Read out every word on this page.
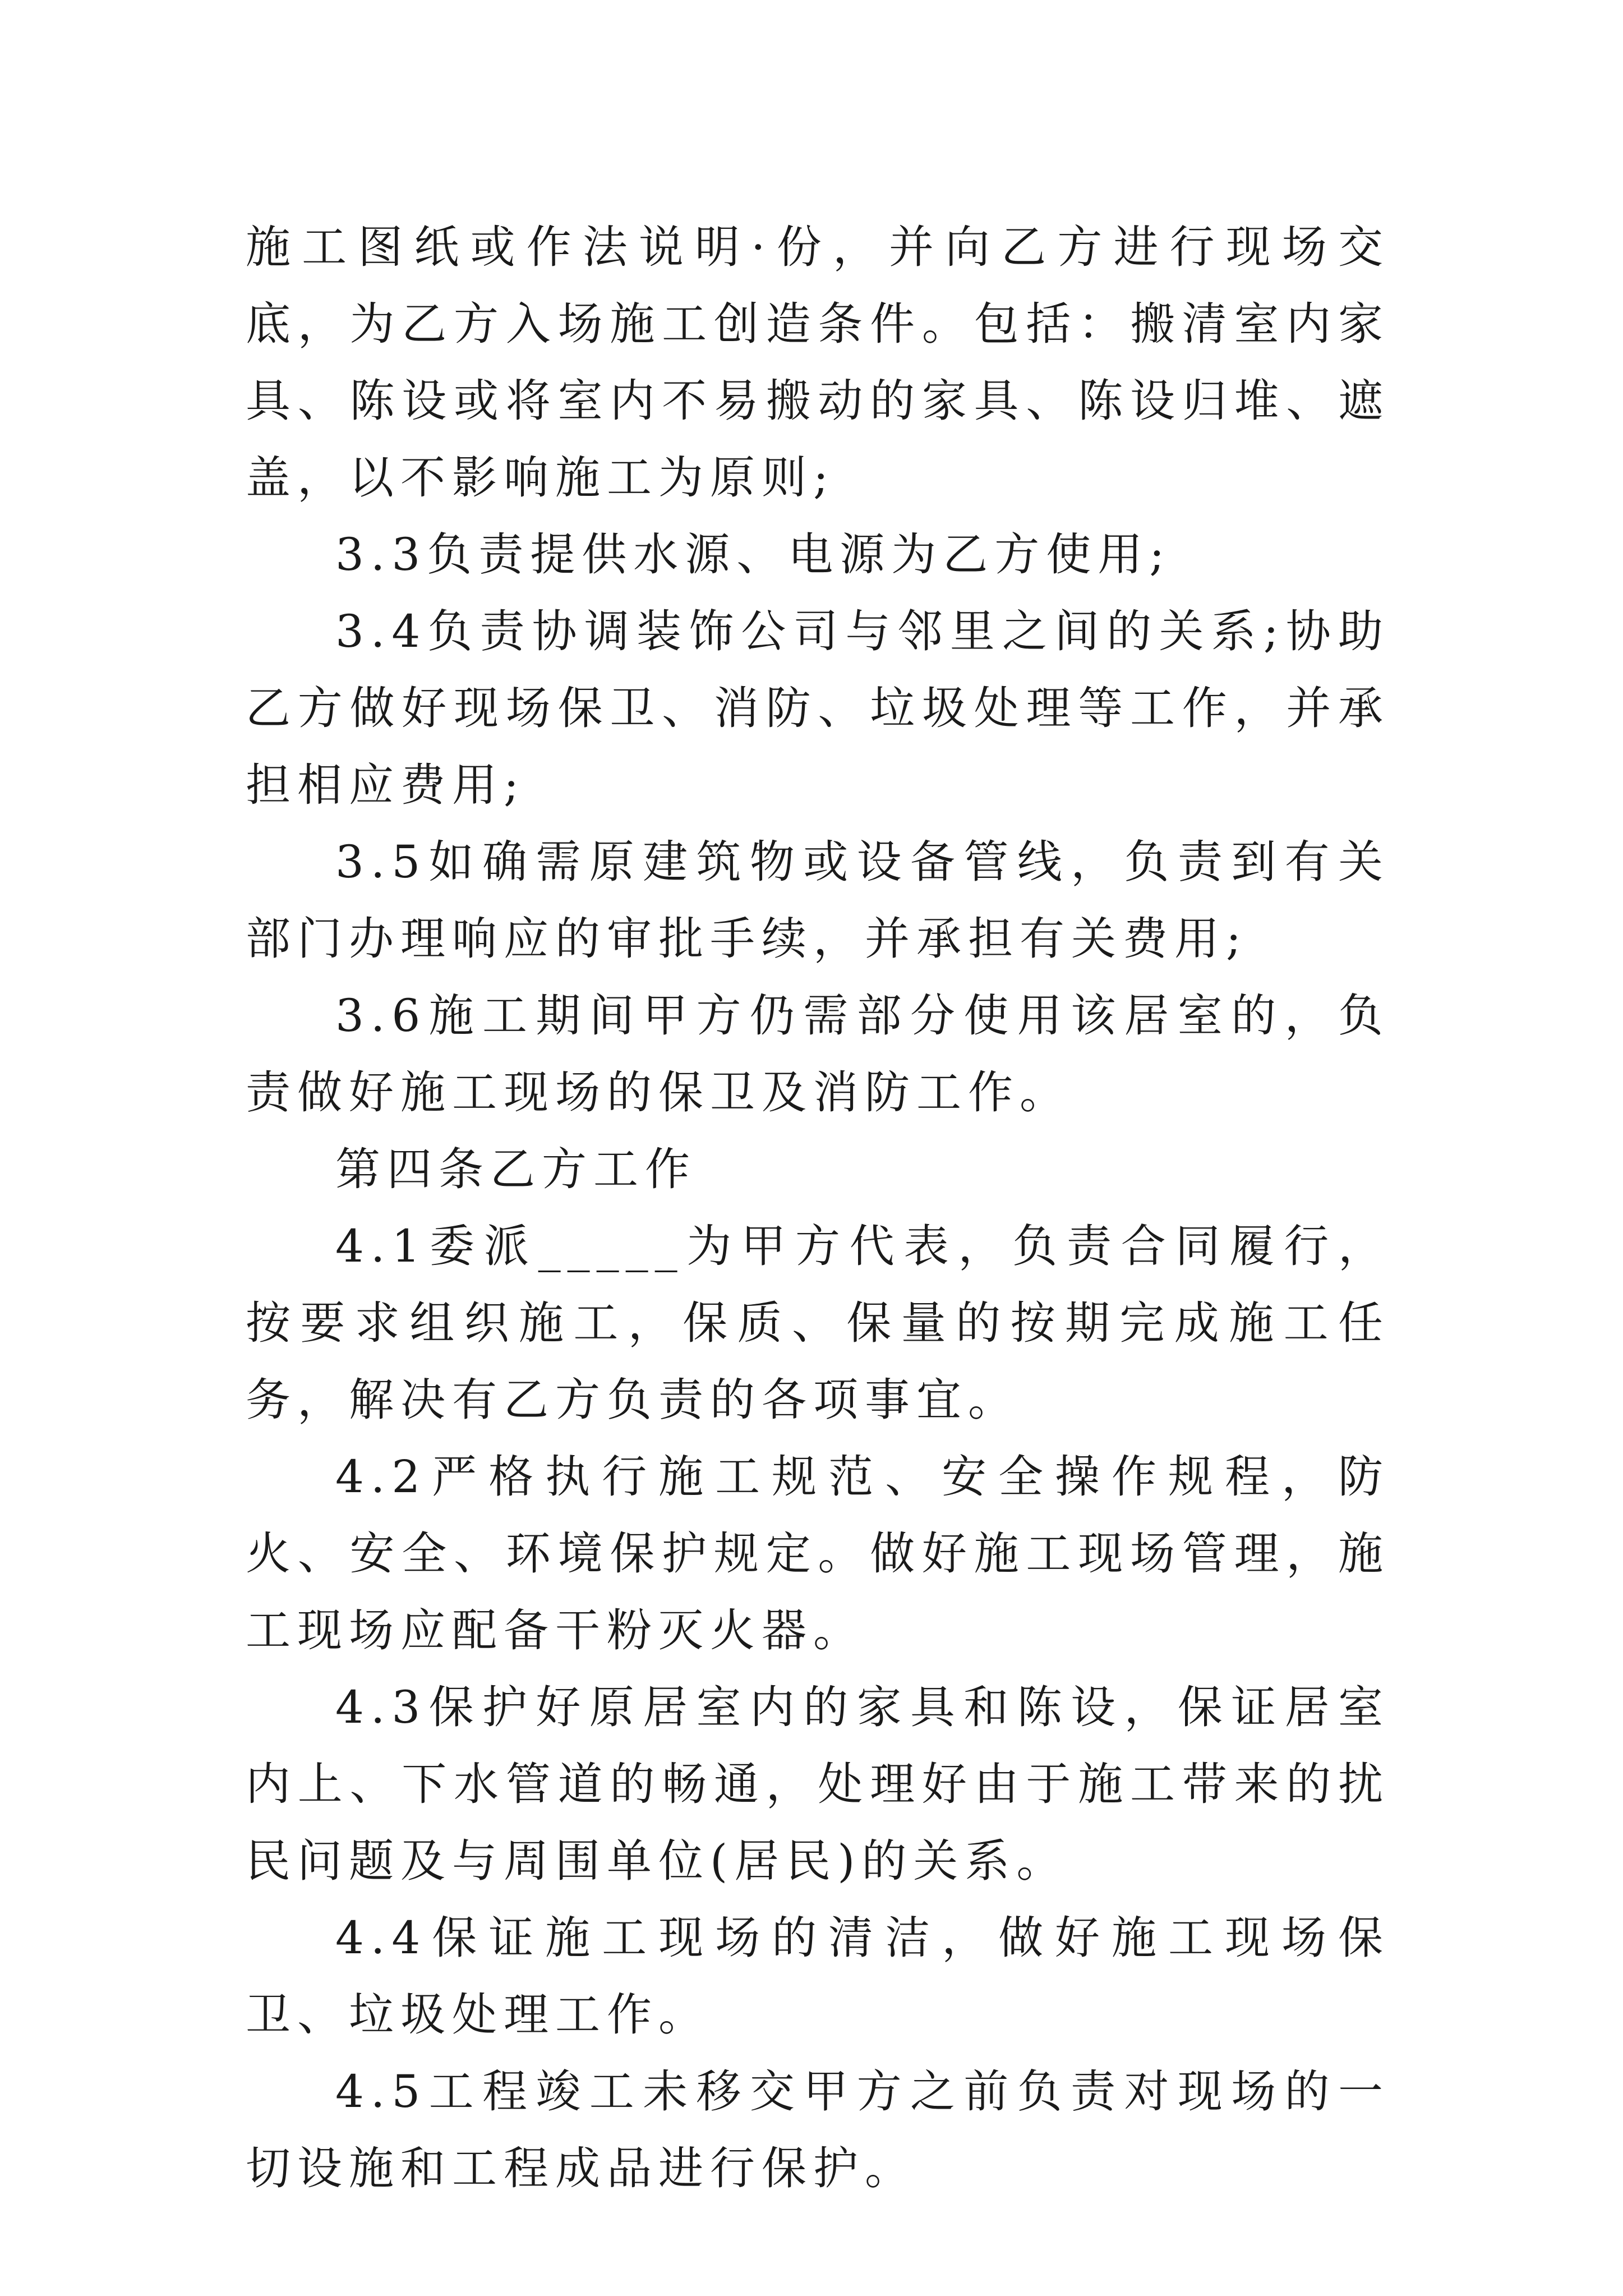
施工图纸或作法说明·份，并向乙方进行现场交底，为乙方入场施工创造条件。包括：搬清室内家具、陈设或将室内不易搬动的家具、陈设归堆、遮盖，以不影响施工为原则;

3.3负责提供水源、电源为乙方使用;

3.4负责协调装饰公司与邻里之间的关系;协助乙方做好现场保卫、消防、垃圾处理等工作，并承担相应费用;

3.5如确需原建筑物或设备管线，负责到有关部门办理响应的审批手续，并承担有关费用;

3.6施工期间甲方仍需部分使用该居室的，负责做好施工现场的保卫及消防工作。

第四条乙方工作

4.1委派_____为甲方代表，负责合同履行，按要求组织施工，保质、保量的按期完成施工任务，解决有乙方负责的各项事宜。

4.2严格执行施工规范、安全操作规程，防火、安全、环境保护规定。做好施工现场管理，施工现场应配备干粉灭火器。

4.3保护好原居室内的家具和陈设，保证居室内上、下水管道的畅通，处理好由于施工带来的扰民问题及与周围单位(居民)的关系。

4.4保证施工现场的清洁，做好施工现场保卫、垃圾处理工作。

4.5工程竣工未移交甲方之前负责对现场的一切设施和工程成品进行保护。
